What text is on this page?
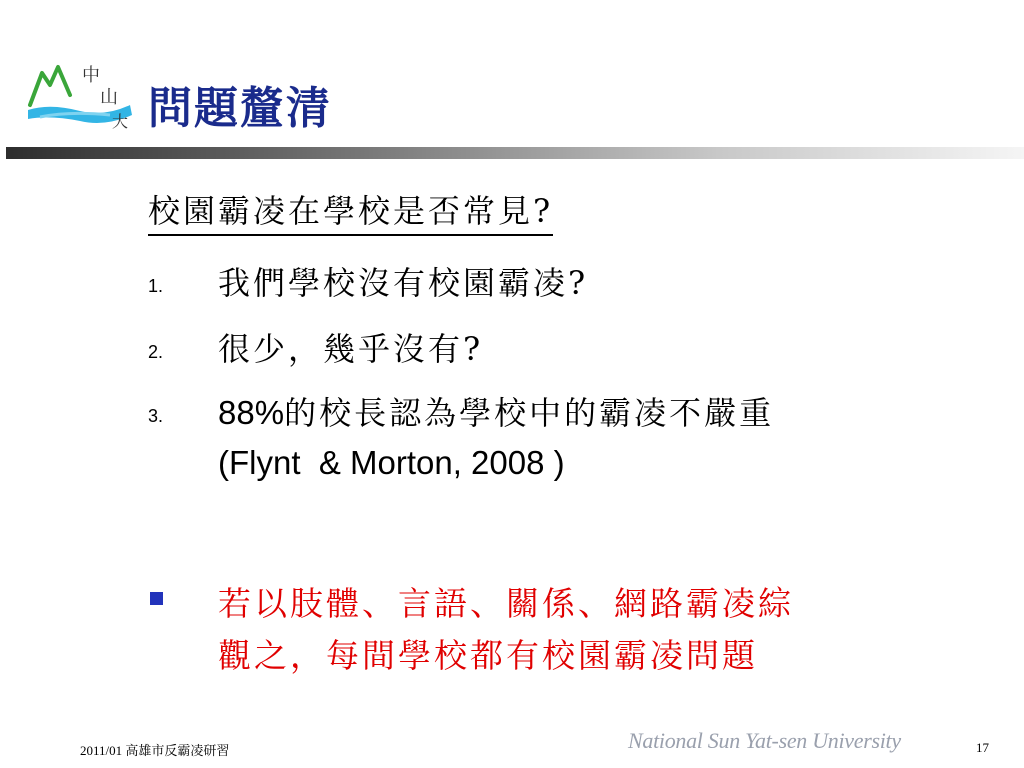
中
山
大 問題釐清
校園霸凌在學校是否常見?
1. 我們學校沒有校園霸凌?
2. 很少，幾乎沒有?
3. 88%的校長認為學校中的霸凌不嚴重
(Flynt  & Morton, 2008 )
若以肢體、言語、關係、網路霸凌綜
觀之，每間學校都有校園霸凌問題
2011/01 高雄市反霸凌研習	National Sun Yat-sen University	17
